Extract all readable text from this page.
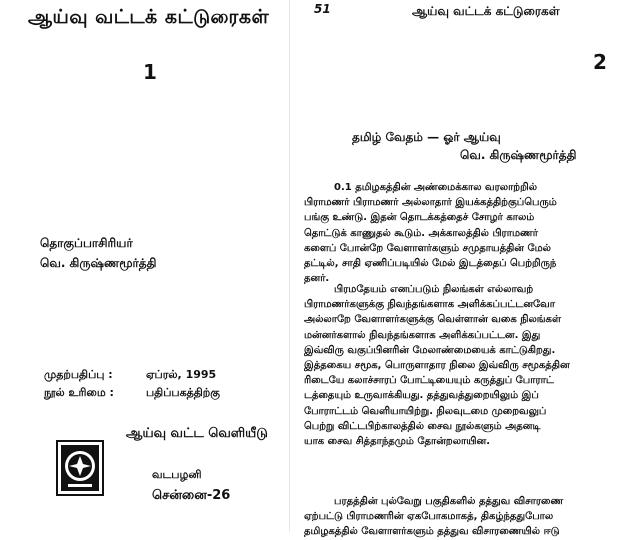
ஆய்வு வட்டக் கட்டுரைகள்
1
தொகுப்பாசிரியர்
வெ. கிருஷ்ணமூர்த்தி
முதற்பதிப்பு :	ஏப்ரல், 1995
நூல் உரிமை :	பதிப்பகத்திற்கு
ஆய்வு வட்ட வெளியீடு
வடபழனி
சென்னை-26
51	ஆய்வு வட்டக் கட்டுரைகள்
2
தமிழ் வேதம் — ஓர் ஆய்வு
வெ. கிருஷ்ணமூர்த்தி
0.1 தமிழகத்தின் அண்மைக்கால வரலாற்றில்
பிராமணர் பிராமணர் அல்லாதார் இயக்கத்திற்குப்பெரும்
பங்கு உண்டு. இதன் தொடக்கத்தைச் சோழர் காலம்
தொட்டுக் காணுதல் கூடும். அக்காலத்தில் பிராமணர்
களைப் போன்றே வேளாளர்களும் சமுதாயத்தின் மேல்
தட்டில், சாதி ஏணிப்படியில் மேல் இடத்தைப் பெற்றிருந்
தனர்.
பிரமதேயம் எனப்படும் நிலங்கள் எல்லாவற்
பிராமணர்களுக்கு நிவந்தங்களாக அளிக்கப்பட்டனவோ
அல்லாறே வேளாளர்களுக்கு வெள்ளான் வகை நிலங்கள்
மன்னர்களால் நிவந்தங்களாக அளிக்கப்பட்டன. இது
இவ்விரு வகுப்பினரின் மேலாண்மையைக் காட்டுகிறது.
இத்தகைய சமூக, பொருளாதார நிலை இவ்விரு சமூகத்தின
ரிடையே கலாச்சாரப் போட்டியையும் கருத்துப் போராட்
டத்தையும் உருவாக்கியது. தத்துவத்துறையிலும் இப்
போராட்டம் வெளியாயிற்று. நிலவுடமை முறைவலுப்
பெற்று விட்டபிற்காலத்தில் சைவ நூல்களும் அதனடி
யாக சைவ சித்தாந்தமும் தோன்றலாயின.
பரதத்தின் புல்வேறு பகுதிகளில் தத்துவ விசாரணை
ஏற்பட்டு பிராமணரின் ஏகபோகமாகத், திகழ்ந்ததுபோல
தமிழகத்தில் வேளாளர்களும் தத்துவ விசாரணையில் ஈடு
